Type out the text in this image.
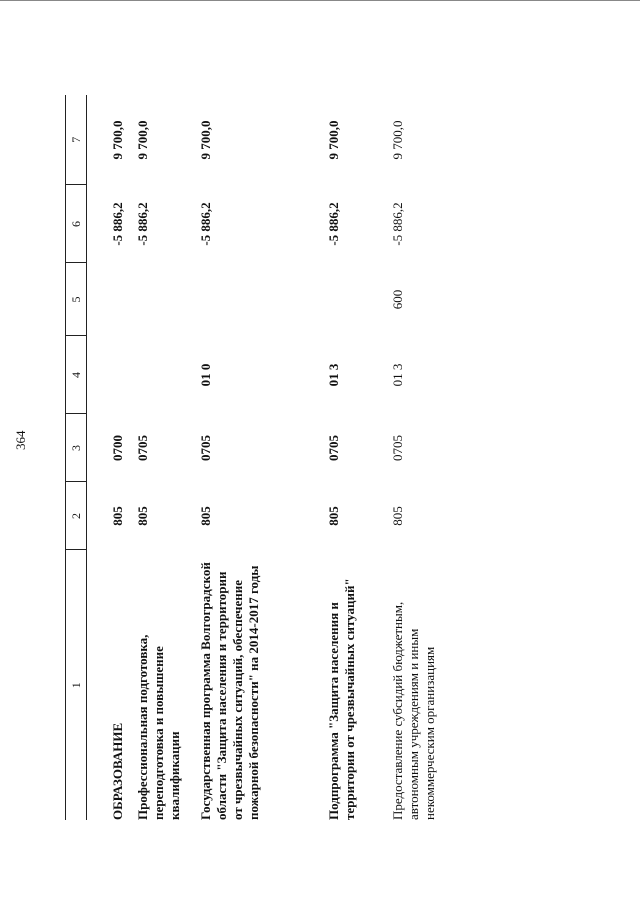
364
1	2	3	4	5	6	7

ОБРАЗОВАНИЕ	805	0700			-5 886,2	9 700,0
Профессиональная подготовка, переподготовка и повышение квалификации	805	0705			-5 886,2	9 700,0
Государственная программа Волгоградской области "Защита населения и территории от чрезвычайных ситуаций, обеспечение пожарной безопасности" на 2014-2017 годы	805	0705	01 0		-5 886,2	9 700,0
Подпрограмма "Защита населения и территории от чрезвычайных ситуаций"	805	0705	01 3		-5 886,2	9 700,0
Предоставление субсидий бюджетным, автономным учреждениям и иным некоммерческим организациям	805	0705	01 3	600	-5 886,2	9 700,0
